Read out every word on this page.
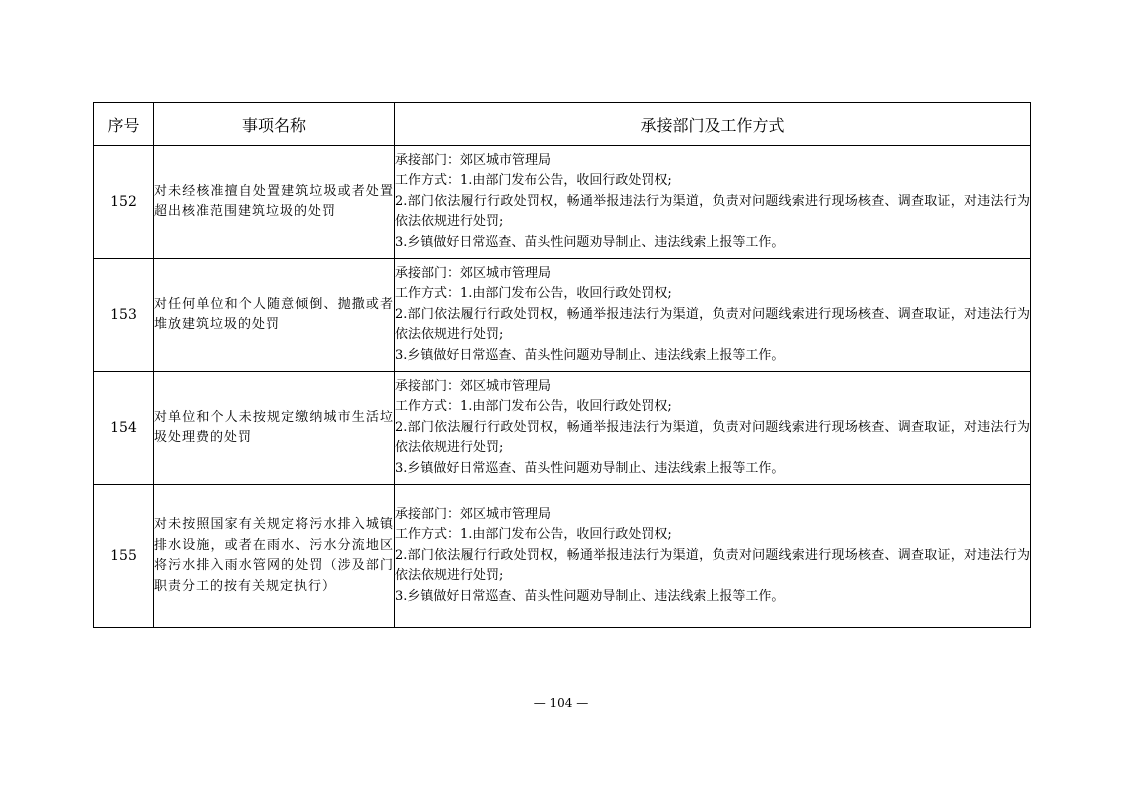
序号	事项名称	承接部门及工作方式
152	对未经核准擅自处置建筑垃圾或者处置超出核准范围建筑垃圾的处罚	承接部门：郊区城市管理局
工作方式：1.由部门发布公告，收回行政处罚权;
2.部门依法履行行政处罚权，畅通举报违法行为渠道，负责对问题线索进行现场核查、调查取证，对违法行为依法依规进行处罚;
3.乡镇做好日常巡查、苗头性问题劝导制止、违法线索上报等工作。

153	对任何单位和个人随意倾倒、抛撒或者堆放建筑垃圾的处罚	承接部门：郊区城市管理局
工作方式：1.由部门发布公告，收回行政处罚权;
2.部门依法履行行政处罚权，畅通举报违法行为渠道，负责对问题线索进行现场核查、调查取证，对违法行为依法依规进行处罚;
3.乡镇做好日常巡查、苗头性问题劝导制止、违法线索上报等工作。

154	对单位和个人未按规定缴纳城市生活垃圾处理费的处罚	承接部门：郊区城市管理局
工作方式：1.由部门发布公告，收回行政处罚权;
2.部门依法履行行政处罚权，畅通举报违法行为渠道，负责对问题线索进行现场核查、调查取证，对违法行为依法依规进行处罚;
3.乡镇做好日常巡查、苗头性问题劝导制止、违法线索上报等工作。

155	对未按照国家有关规定将污水排入城镇排水设施，或者在雨水、污水分流地区将污水排入雨水管网的处罚（涉及部门职责分工的按有关规定执行）	承接部门：郊区城市管理局
工作方式：1.由部门发布公告，收回行政处罚权;
2.部门依法履行行政处罚权，畅通举报违法行为渠道，负责对问题线索进行现场核查、调查取证，对违法行为依法依规进行处罚;
3.乡镇做好日常巡查、苗头性问题劝导制止、违法线索上报等工作。
— 104 —
